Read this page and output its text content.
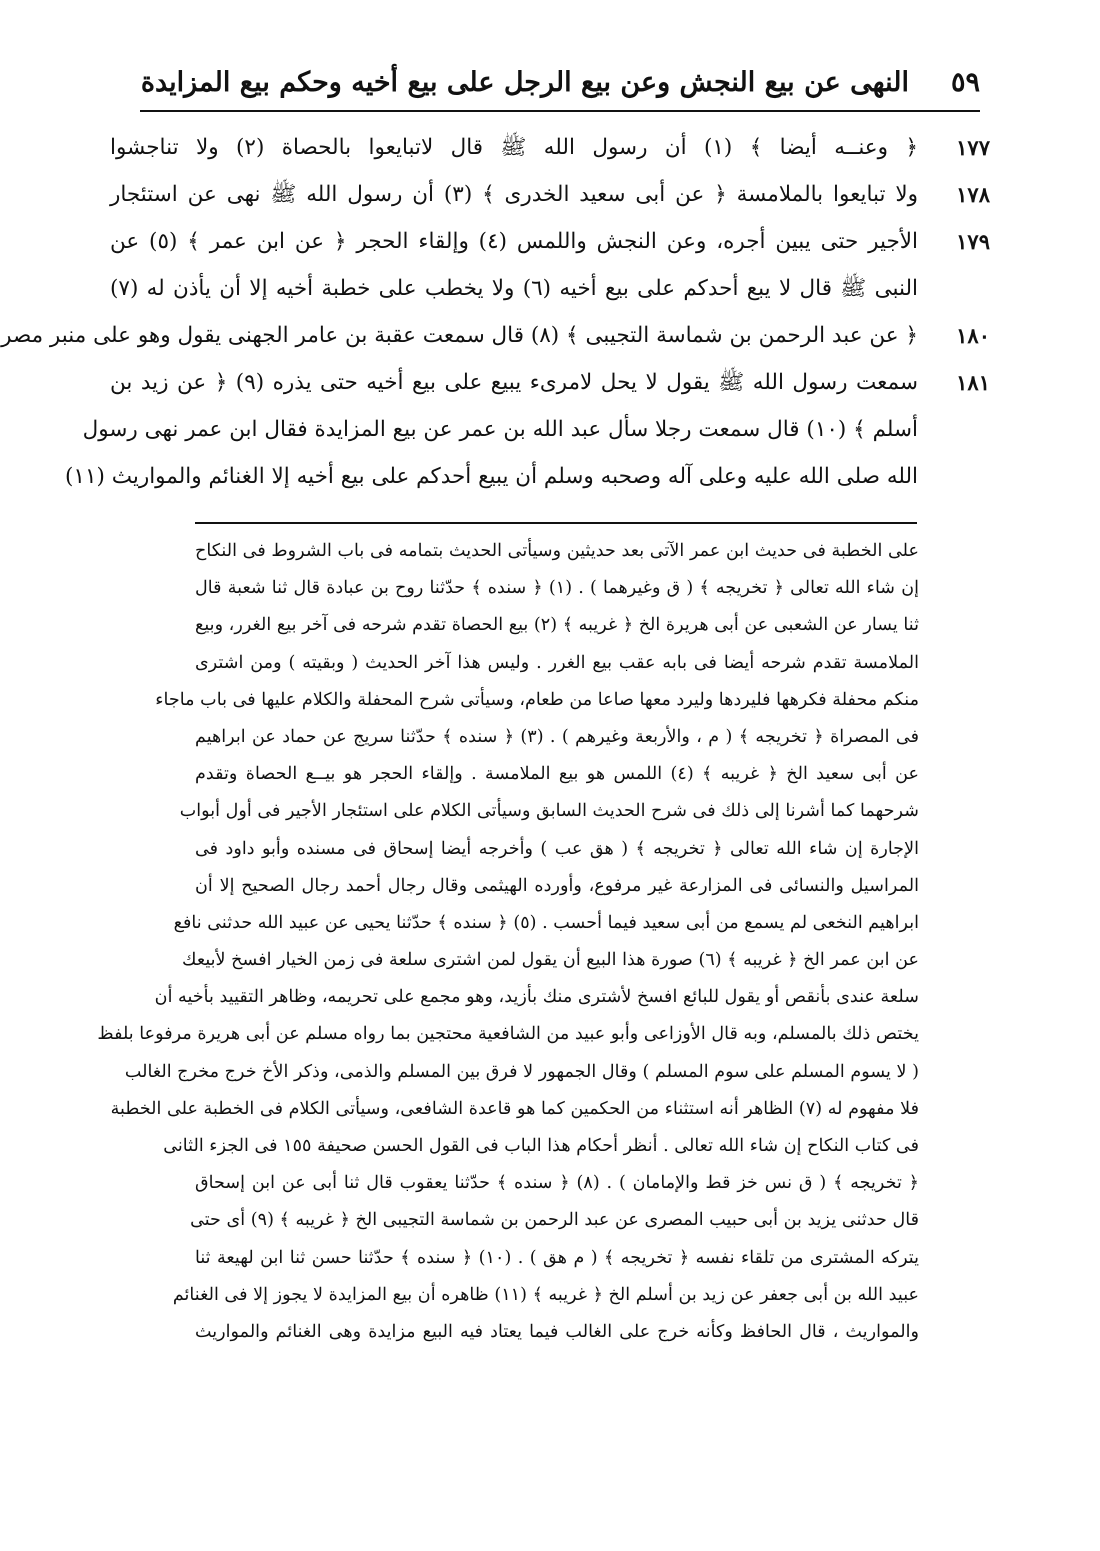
٥٩
النهى عن بيع النجش وعن بيع الرجل على بيع أخيه وحكم بيع المزايدة
١٧٧
﴿ وعنــه أيضا ﴾ (١) أن رسول الله ﷺ قال لاتبايعوا بالحصاة (٢) ولا تناجشوا
١٧٨
ولا تبايعوا بالملامسة ﴿ عن أبى سعيد الخدرى ﴾ (٣) أن رسول الله ﷺ نهى عن استئجار
١٧٩
الأجير حتى يبين أجره، وعن النجش واللمس (٤) وإلقاء الحجر ﴿ عن ابن عمر ﴾ (٥) عن
النبى ﷺ قال لا يبع أحدكم على بيع أخيه (٦) ولا يخطب على خطبة أخيه إلا أن يأذن له (٧)
١٨٠
﴿ عن عبد الرحمن بن شماسة التجيبى ﴾ (٨) قال سمعت عقبة بن عامر الجهنى يقول وهو على منبر مصر
١٨١
سمعت رسول الله ﷺ يقول لا يحل لامرىء يبيع على بيع أخيه حتى يذره (٩) ﴿ عن زيد بن
أسلم ﴾ (١٠) قال سمعت رجلا سأل عبد الله بن عمر عن بيع المزايدة فقال ابن عمر نهى رسول
الله صلى الله عليه وعلى آله وصحبه وسلم أن يبيع أحدكم على بيع أخيه إلا الغنائم والمواريث (١١)
على الخطبة فى حديث ابن عمر الآتى بعد حديثين وسيأتى الحديث بتمامه فى باب الشروط فى النكاح
إن شاء الله تعالى ﴿ تخريجه ﴾ ( ق وغيرهما ) . (١) ﴿ سنده ﴾ حدّثنا روح بن عبادة قال ثنا شعبة قال
ثنا يسار عن الشعبى عن أبى هريرة الخ ﴿ غريبه ﴾ (٢) بيع الحصاة تقدم شرحه فى آخر بيع الغرر، وبيع
الملامسة تقدم شرحه أيضا فى بابه عقب بيع الغرر . وليس هذا آخر الحديث ( وبقيته ) ومن اشترى
منكم محفلة فكرهها فليردها وليرد معها صاعا من طعام، وسيأتى شرح المحفلة والكلام عليها فى باب ماجاء
فى المصراة ﴿ تخريجه ﴾ ( م ، والأربعة وغيرهم ) . (٣) ﴿ سنده ﴾ حدّثنا سريج عن حماد عن ابراهيم
عن أبى سعيد الخ ﴿ غريبه ﴾ (٤) اللمس هو بيع الملامسة . وإلقاء الحجر هو بيــع الحصاة وتقدم
شرحهما كما أشرنا إلى ذلك فى شرح الحديث السابق وسيأتى الكلام على استئجار الأجير فى أول أبواب
الإجارة إن شاء الله تعالى ﴿ تخريجه ﴾ ( هق عب ) وأخرجه أيضا إسحاق فى مسنده وأبو داود فى
المراسيل والنسائى فى المزارعة غير مرفوع، وأورده الهيثمى وقال رجال أحمد رجال الصحيح إلا أن
ابراهيم النخعى لم يسمع من أبى سعيد فيما أحسب . (٥) ﴿ سنده ﴾ حدّثنا يحيى عن عبيد الله حدثنى نافع
عن ابن عمر الخ ﴿ غريبه ﴾ (٦) صورة هذا البيع أن يقول لمن اشترى سلعة فى زمن الخيار افسخ لأبيعك
سلعة عندى بأنقص أو يقول للبائع افسخ لأشترى منك بأزيد، وهو مجمع على تحريمه، وظاهر التقييد بأخيه أن
يختص ذلك بالمسلم، وبه قال الأوزاعى وأبو عبيد من الشافعية محتجين بما رواه مسلم عن أبى هريرة مرفوعا بلفظ
( لا يسوم المسلم على سوم المسلم ) وقال الجمهور لا فرق بين المسلم والذمى، وذكر الأخ خرج مخرج الغالب
فلا مفهوم له (٧) الظاهر أنه استثناء من الحكمين كما هو قاعدة الشافعى، وسيأتى الكلام فى الخطبة على الخطبة
فى كتاب النكاح إن شاء الله تعالى . أنظر أحكام هذا الباب فى القول الحسن صحيفة ١٥٥ فى الجزء الثانى
﴿ تخريجه ﴾ ( ق نس خز قط والإمامان ) . (٨) ﴿ سنده ﴾ حدّثنا يعقوب قال ثنا أبى عن ابن إسحاق
قال حدثنى يزيد بن أبى حبيب المصرى عن عبد الرحمن بن شماسة التجيبى الخ ﴿ غريبه ﴾ (٩) أى حتى
يتركه المشترى من تلقاء نفسه ﴿ تخريجه ﴾ ( م هق ) . (١٠) ﴿ سنده ﴾ حدّثنا حسن ثنا ابن لهيعة ثنا
عبيد الله بن أبى جعفر عن زيد بن أسلم الخ ﴿ غريبه ﴾ (١١) ظاهره أن بيع المزايدة لا يجوز إلا فى الغنائم
والمواريث ، قال الحافظ وكأنه خرج على الغالب فيما يعتاد فيه البيع مزايدة وهى الغنائم والمواريث
